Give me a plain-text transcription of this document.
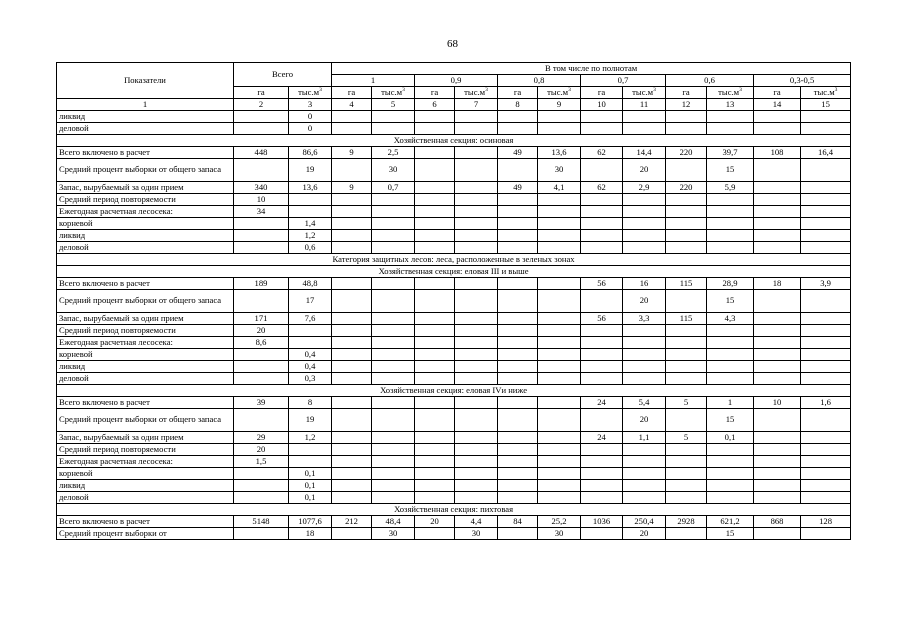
68
Показатели	Всего		В том числе по полнотам											
			1		0,9		0,8		0,7		0,6		0,3-0,5	
	га	$тыс.м^3$	га	$тыс.м^3$	га	$тыс.м^3$	га	$тыс.м^3$	га	$тыс.м^3$	га	$тыс.м^3$	га	$тыс.м^3$
1	2	3	4	5	6	7	8	9	10	11	12	13	14	15
ликвид		0												
деловой		0												
Хозяйственная секция: осиновая														
Всего включено в расчет	448	86,6	9	2,5			49	13,6	62	14,4	220	39,7	108	16,4
Средний процент выборки от общего запаса		19		30				30		20		15		
Запас, вырубаемый за один прием	340	13,6	9	0,7			49	4,1	62	2,9	220	5,9		
Средний период повторяемости	10													
Ежегодная расчетная лесосека:	34													
корневой		1,4												
ликвид		1,2												
деловой		0,6												
Категория защитных лесов: леса, расположенные в зеленых зонах														
Хозяйственная секция: еловая III и выше														
Всего включено в расчет	189	48,8							56	16	115	28,9	18	3,9
Средний процент выборки от общего запаса		17								20		15		
Запас, вырубаемый за один прием	171	7,6							56	3,3	115	4,3		
Средний период повторяемости	20													
Ежегодная расчетная лесосека:	8,6													
корневой		0,4												
ликвид		0,4												
деловой		0,3												
Хозяйственная секция: еловая IVи ниже														
Всего включено в расчет	39	8							24	5,4	5	1	10	1,6
Средний процент выборки от общего запаса		19								20		15		
Запас, вырубаемый за один прием	29	1,2							24	1,1	5	0,1		
Средний период повторяемости	20													
Ежегодная расчетная лесосека:	1,5													
корневой		0,1												
ликвид		0,1												
деловой		0,1												
Хозяйственная секция: пихтовая														
Всего включено в расчет	5148	1077,6	212	48,4	20	4,4	84	25,2	1036	250,4	2928	621,2	868	128
Средний процент выборки от		18		30		30		30		20		15		
